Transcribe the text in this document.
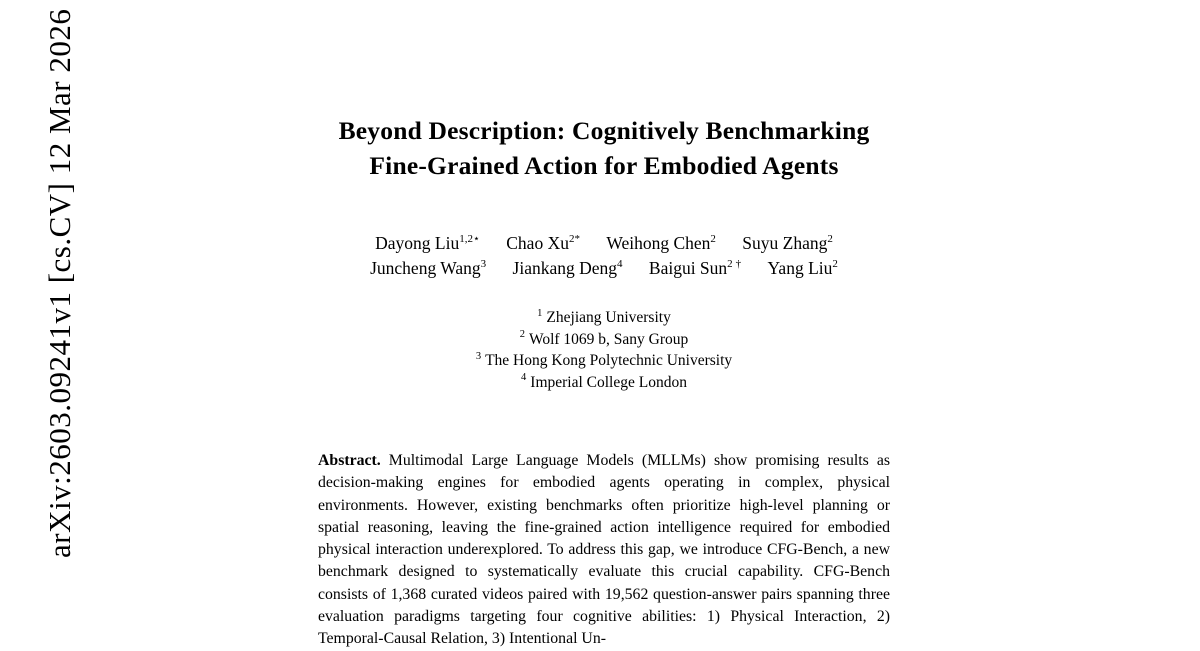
arXiv:2603.09241v1 [cs.CV] 12 Mar 2026	Beyond Description: Cognitively Benchmarking
Fine-Grained Action for Embodied Agents
Dayong Liu$^{1,2⋆}$ Chao $Xu^{2*}$ Weihong Chen$^2$ Suyu Zhang$^2$
Juncheng Wang$^3$ Jiankang Deng$^4$ Baigui Sun$^2$ † Yang Liu$^2$
$^1$ Zhejiang University
$^2$ Wolf 1069 b, Sany Group
$^3$ The Hong Kong Polytechnic University
$^4$ Imperial College London
Abstract. Multimodal Large Language Models (MLLMs) show promising results as decision-making engines for embodied agents operating in complex, physical environments. However, existing benchmarks often prioritize high-level planning or spatial reasoning, leaving the fine-grained action intelligence required for embodied physical interaction underexplored. To address this gap, we introduce CFG-Bench, a new benchmark designed to systematically evaluate this crucial capability. CFG-Bench consists of 1,368 curated videos paired with 19,562 question-answer pairs spanning three evaluation paradigms targeting four cognitive abilities: 1) Physical Interaction, 2) Temporal-Causal Relation, 3) Intentional Un-
